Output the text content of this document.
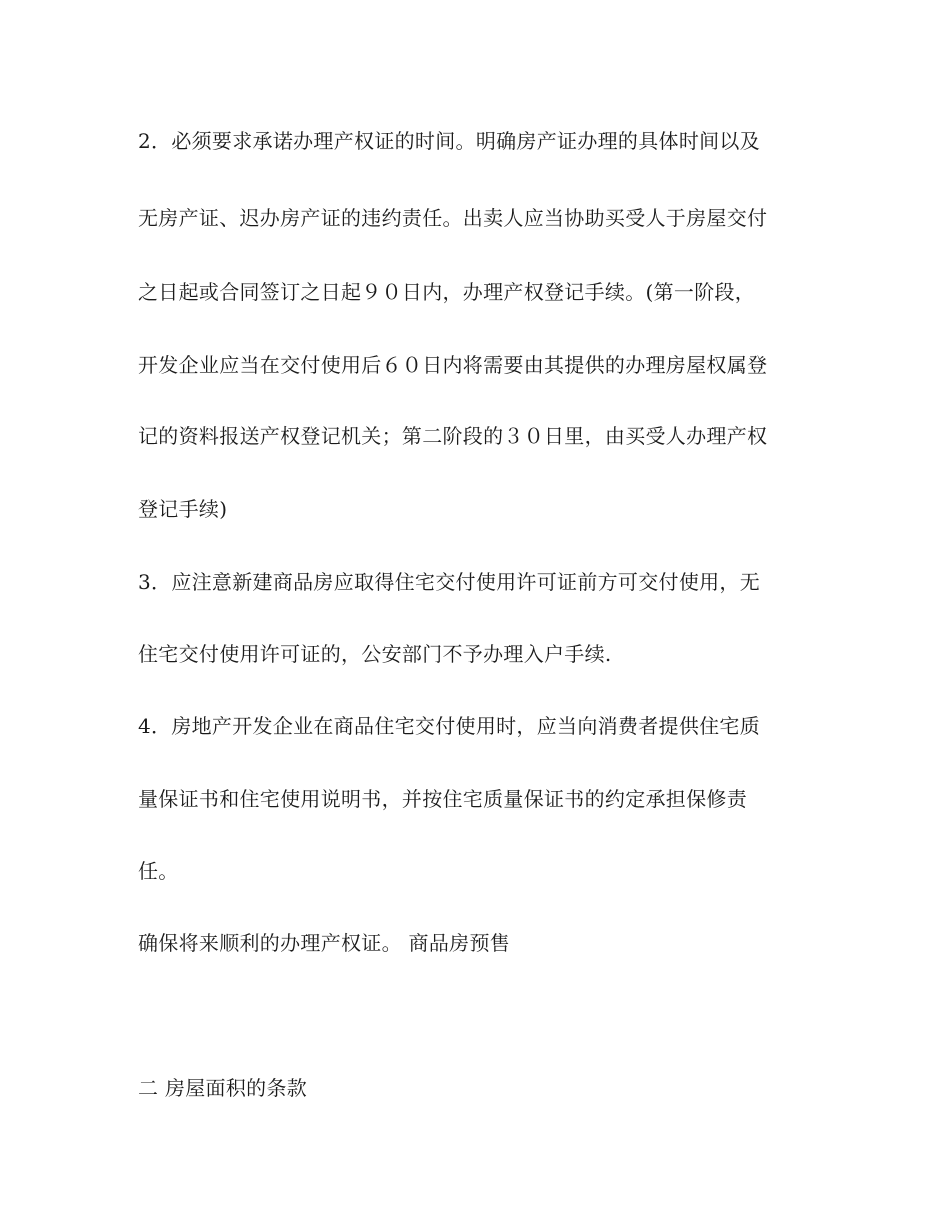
2．必须要求承诺办理产权证的时间。明确房产证办理的具体时间以及
无房产证、迟办房产证的违约责任。出卖人应当协助买受人于房屋交付
之日起或合同签订之日起９０日内，办理产权登记手续。(第一阶段，
开发企业应当在交付使用后６０日内将需要由其提供的办理房屋权属登
记的资料报送产权登记机关；第二阶段的３０日里，由买受人办理产权
登记手续)
3．应注意新建商品房应取得住宅交付使用许可证前方可交付使用，无
住宅交付使用许可证的，公安部门不予办理入户手续.
4．房地产开发企业在商品住宅交付使用时，应当向消费者提供住宅质
量保证书和住宅使用说明书，并按住宅质量保证书的约定承担保修责
任。
确保将来顺利的办理产权证。 商品房预售
二 房屋面积的条款
